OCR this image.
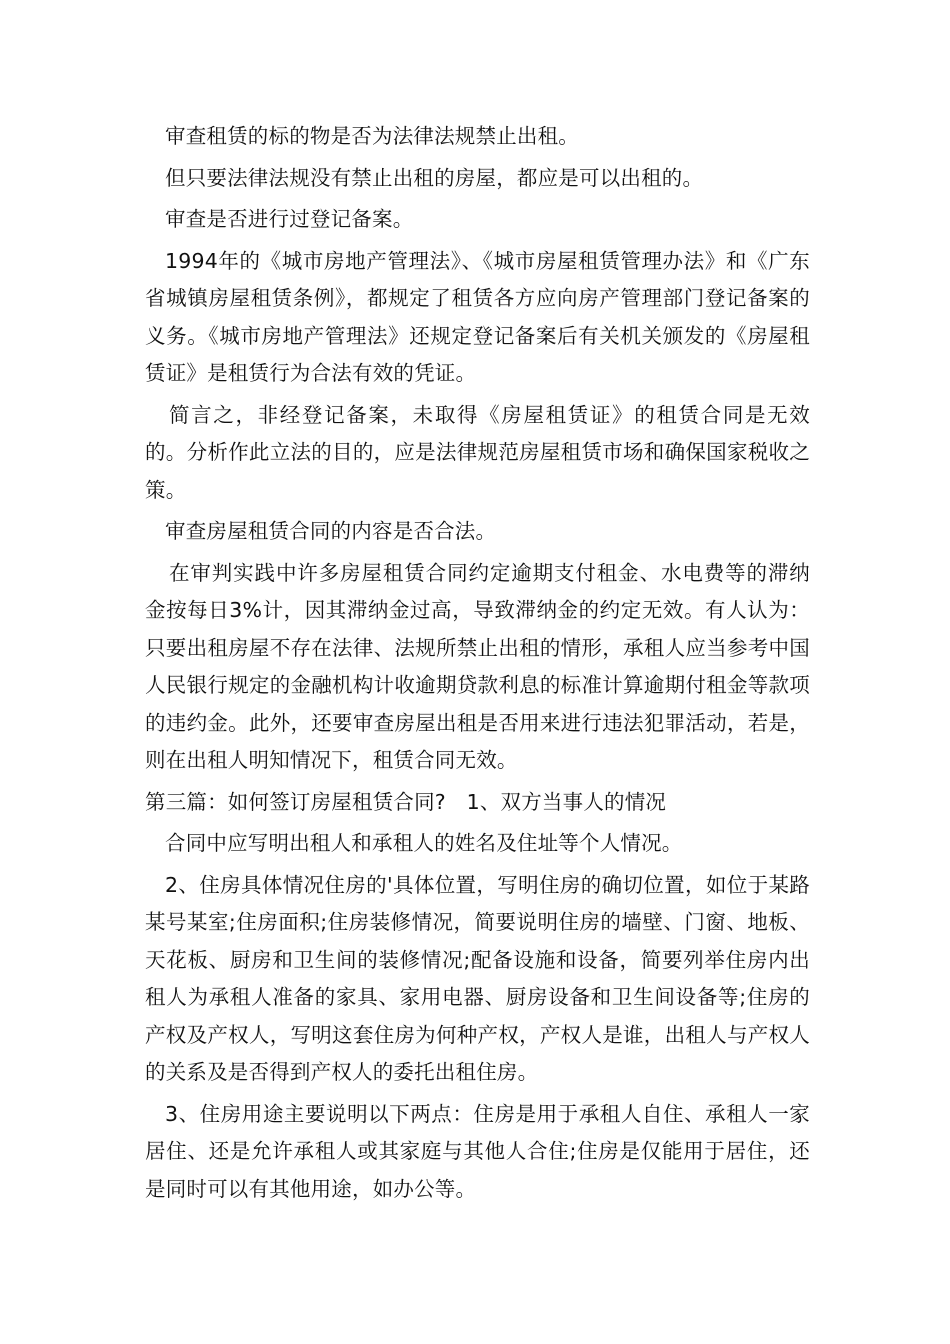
审查租赁的标的物是否为法律法规禁止出租。

但只要法律法规没有禁止出租的房屋，都应是可以出租的。

审查是否进行过登记备案。

1994年的《城市房地产管理法》、《城市房屋租赁管理办法》和《广东省城镇房屋租赁条例》，都规定了租赁各方应向房产管理部门登记备案的义务。《城市房地产管理法》还规定登记备案后有关机关颁发的《房屋租赁证》是租赁行为合法有效的凭证。

简言之，非经登记备案，未取得《房屋租赁证》的租赁合同是无效的。分析作此立法的目的，应是法律规范房屋租赁市场和确保国家税收之策。

审查房屋租赁合同的内容是否合法。

在审判实践中许多房屋租赁合同约定逾期支付租金、水电费等的滞纳金按每日3%计，因其滞纳金过高，导致滞纳金的约定无效。有人认为：只要出租房屋不存在法律、法规所禁止出租的情形，承租人应当参考中国人民银行规定的金融机构计收逾期贷款利息的标准计算逾期付租金等款项的违约金。此外，还要审查房屋出租是否用来进行违法犯罪活动，若是，则在出租人明知情况下，租赁合同无效。

第三篇：如何签订房屋租赁合同?　1、双方当事人的情况

合同中应写明出租人和承租人的姓名及住址等个人情况。

2、住房具体情况住房的'具体位置，写明住房的确切位置，如位于某路某号某室;住房面积;住房装修情况，简要说明住房的墙壁、门窗、地板、天花板、厨房和卫生间的装修情况;配备设施和设备，简要列举住房内出租人为承租人准备的家具、家用电器、厨房设备和卫生间设备等;住房的产权及产权人，写明这套住房为何种产权，产权人是谁，出租人与产权人的关系及是否得到产权人的委托出租住房。

3、住房用途主要说明以下两点：住房是用于承租人自住、承租人一家居住、还是允许承租人或其家庭与其他人合住;住房是仅能用于居住，还是同时可以有其他用途，如办公等。
